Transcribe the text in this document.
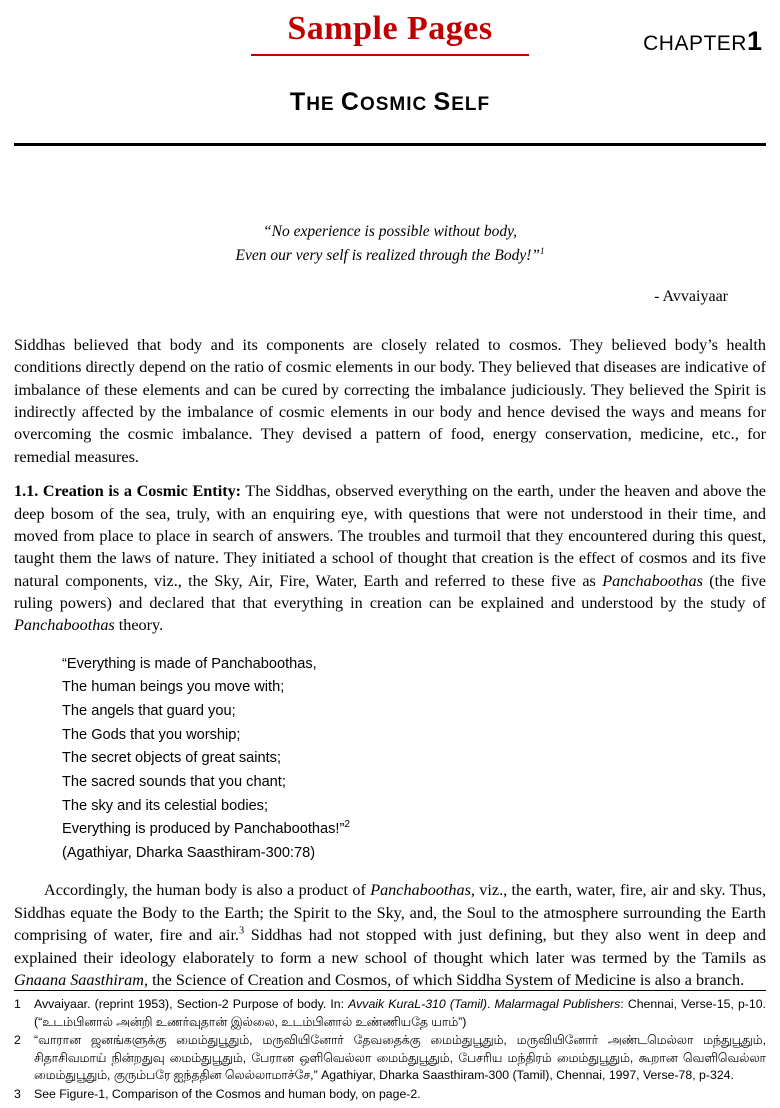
Sample Pages	CHAPTER1
THE COSMIC SELF
“No experience is possible without body,
Even our very self is realized through the Body!”$^1$
- Avvaiyaar

Siddhas believed that body and its components are closely related to cosmos. They believed body’s health conditions directly depend on the ratio of cosmic elements in our body. They believed that diseases are indicative of imbalance of these elements and can be cured by correcting the imbalance judiciously. They believed the Spirit is indirectly affected by the imbalance of cosmic elements in our body and hence devised the ways and means for overcoming the cosmic imbalance. They devised a pattern of food, energy conservation, medicine, etc., for remedial measures.

1.1. Creation is a Cosmic Entity: The Siddhas, observed everything on the earth, under the heaven and above the deep bosom of the sea, truly, with an enquiring eye, with questions that were not understood in their time, and moved from place to place in search of answers. The troubles and turmoil that they encountered during this quest, taught them the laws of nature. They initiated a school of thought that creation is the effect of cosmos and its five natural components, viz., the Sky, Air, Fire, Water, Earth and referred to these five as Panchaboothas (the five ruling powers) and declared that that everything in creation can be explained and understood by the study of Panchaboothas theory.

“Everything is made of Panchaboothas,
The human beings you move with;
The angels that guard you;
The Gods that you worship;
The secret objects of great saints;
The sacred sounds that you chant;
The sky and its celestial bodies;
Everything is produced by Panchaboothas!”$^2$
(Agathiyar, Dharka Saasthiram-300:78)

Accordingly, the human body is also a product of Panchaboothas, viz., the earth, water, fire, air and sky. Thus, Siddhas equate the Body to the Earth; the Spirit to the Sky, and, the Soul to the atmosphere surrounding the Earth comprising of water, fire and air.$^3$ Siddhas had not stopped with just defining, but they also went in deep and explained their ideology elaborately to form a new school of thought which later was termed by the Tamils as Gnaana Saasthiram, the Science of Creation and Cosmos, of which Siddha System of Medicine is also a branch.

1	Avvaiyaar. (reprint 1953), Section-2 Purpose of body. In: Avvaik KuraL-310 (Tamil). Malarmagal Publishers: Chennai, Verse-15, p-10. (“உடம்பினால் அன்றி உணர்வுதான் இல்லை, உடம்பினால் உண்ணியதே யாம்”)
2	“வாரான ஜனங்களுக்கு மைம்துபூதும், மருவியினோர் தேவதைக்கு மைம்துபூதும், மருவியினோர் அண்டமெல்லா மந்துபூதும், சிதாசிவமாய் நின்றதுவு மைம்துபூதும், பேரான ஒளிவெல்லா மைம்துபூதும், பேசரிய மந்திரம் மைம்துபூதும், கூறான வெளிவெல்லா மைம்துபூதும், குரும்பரே ஐந்ததின லெல்லாமாச்சே,” Agathiyar, Dharka Saasthiram-300 (Tamil), Chennai, 1997, Verse-78, p-324.
3	See Figure-1, Comparison of the Cosmos and human body, on page-2.
